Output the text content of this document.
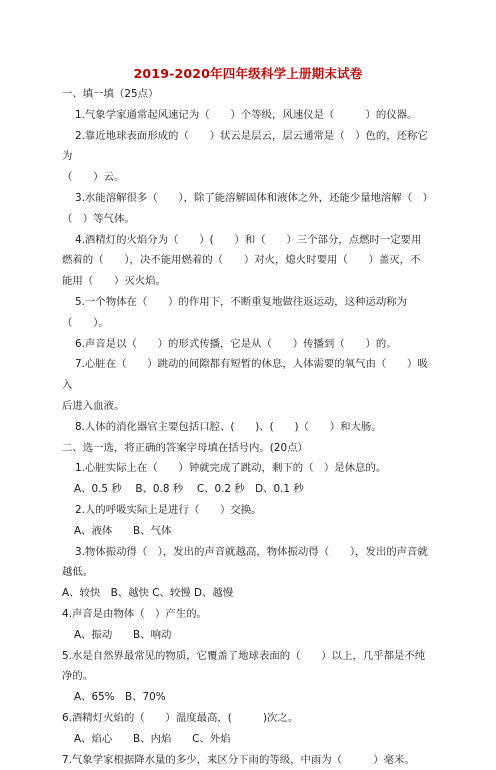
2019-2020年四年级科学上册期末试卷

一、填一填（25点）

1.气象学家通常起风速记为（　　）个等级，风速仪是（　　　）的仪器。

2.靠近地球表面形成的（　　）状云是层云，层云通常是（　）色的，还称它为

（　　）云。

3.水能溶解很多（　　），除了能溶解固体和液体之外，还能少量地溶解（　）

（　）等气体。

4.酒精灯的火焰分为（　　）(　　）和（　　）三个部分，点燃时一定要用

燃着的（　　），决不能用燃着的（　　）对火，熄火时要用（　　）盖灭，不

能用（　　）灭火焰。

5.一个物体在（　　）的作用下，不断重复地做往返运动，这种运动称为（　　）。

6.声音是以（　　）的形式传播，它是从（　　）传播到（　　）的。

7.心脏在（　　）跳动的间隙都有短暂的休息，人体需要的氧气由（　　）吸入

后进入血液。

8.人体的消化器官主要包括口腔、(　　)、(　　)（　　）和大肠。

二、选一选，将正确的答案字母填在括号内。(20点）

1.心脏实际上在（　　）钟就完成了跳动，剩下的（　）是休息的。

A、0.5 秒　 B、0.8 秒　 C、0.2 秒　D、0.1 秒

2.人的呼吸实际上是进行（　　）交换。

A、液体　　B、气体

3.物体振动得（　），发出的声音就越高，物体振动得（　　），发出的声音就

越低。

A、较快　B、越快 C、较慢 D、越慢

4.声音是由物体（　）产生的。

A、振动　　B、响动

5.水是自然界最常见的物质，它覆盖了地球表面的（　　）以上，几乎都是不纯

净的。

A、65%　B、70%

6.酒精灯火焰的（　　）温度最高，(　　　)次之。

A、焰心　　B、内焰　　C、外焰

7.气象学家根据降水量的多少，来区分下雨的等级，中雨为（　　　）毫米。
